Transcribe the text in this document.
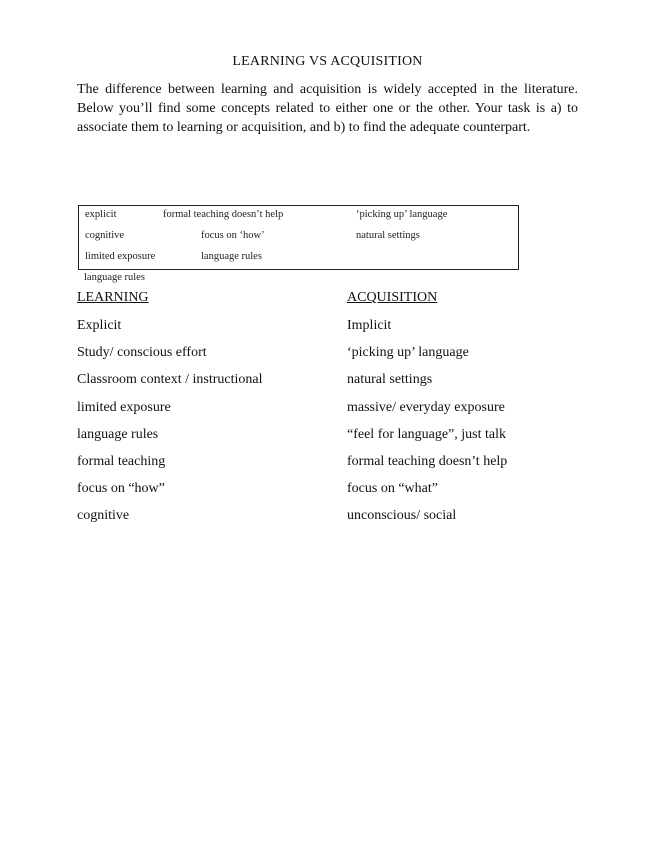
LEARNING VS ACQUISITION

The difference between learning and acquisition is widely accepted in the literature. Below you’ll find some concepts related to either one or the other. Your task is a) to associate them to learning or acquisition, and b) to find the adequate counterpart.

explicit	formal teaching doesn’t help	‘picking up’ language
cognitive	focus on ‘how’	natural settings
limited exposure	language rules
language rules
LEARNING	ACQUISITION
Explicit	Implicit
Study/ conscious effort	‘picking up’ language
Classroom context / instructional	natural settings
limited exposure	massive/ everyday exposure
language rules	“feel for language”, just talk
formal teaching	formal teaching doesn’t help
focus on “how”	focus on “what”
cognitive	unconscious/ social
